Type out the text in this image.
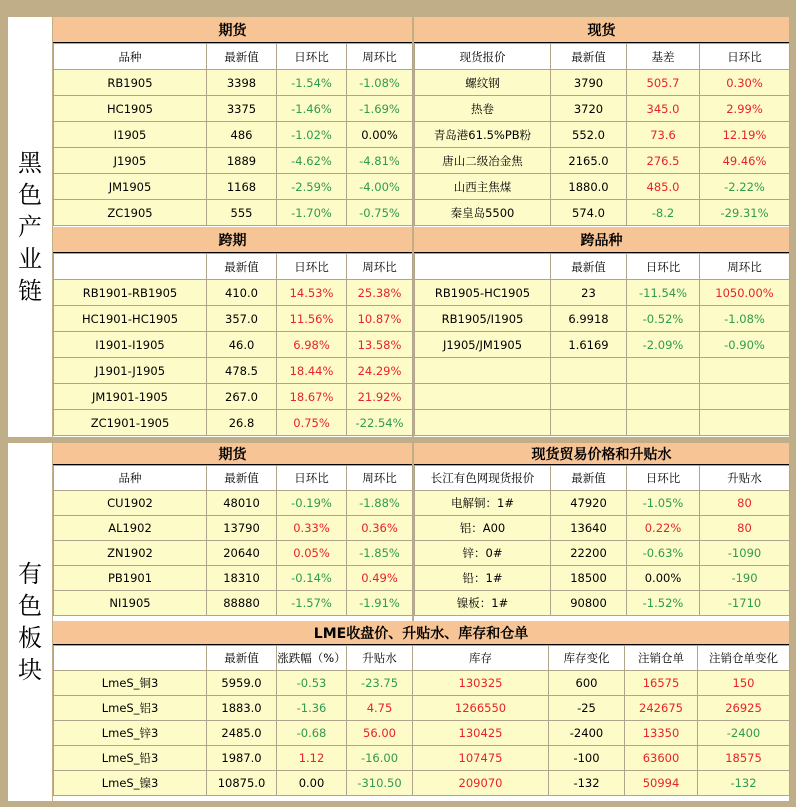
黑
色
产
业
链
期货	现货
品种	最新值	日环比	周环比
RB1905	3398	-1.54%	-1.08%
HC1905	3375	-1.46%	-1.69%
I1905	486	-1.02%	0.00%
J1905	1889	-4.62%	-4.81%
JM1905	1168	-2.59%	-4.00%
ZC1905	555	-1.70%	-0.75%
现货报价	最新值	基差	日环比
螺纹钢	3790	505.7	0.30%
热卷	3720	345.0	2.99%
青岛港61.5%PB粉	552.0	73.6	12.19%
唐山二级冶金焦	2165.0	276.5	49.46%
山西主焦煤	1880.0	485.0	-2.22%
秦皇岛5500	574.0	-8.2	-29.31%
跨期	跨品种
	最新值	日环比	周环比
RB1901-RB1905	410.0	14.53%	25.38%
HC1901-HC1905	357.0	11.56%	10.87%
I1901-I1905	46.0	6.98%	13.58%
J1901-J1905	478.5	18.44%	24.29%
JM1901-1905	267.0	18.67%	21.92%
ZC1901-1905	26.8	0.75%	-22.54%
	最新值	日环比	周环比
RB1905-HC1905	23	-11.54%	1050.00%
RB1905/I1905	6.9918	-0.52%	-1.08%
J1905/JM1905	1.6169	-2.09%	-0.90%

有
色
板
块
期货	现货贸易价格和升贴水
品种	最新值	日环比	周环比
CU1902	48010	-0.19%	-1.88%
AL1902	13790	0.33%	0.36%
ZN1902	20640	0.05%	-1.85%
PB1901	18310	-0.14%	0.49%
NI1905	88880	-1.57%	-1.91%
长江有色网现货报价	最新值	日环比	升贴水
电解铜：1#	47920	-1.05%	80
铝：A00	13640	0.22%	80
锌：0#	22200	-0.63%	-1090
铅：1#	18500	0.00%	-190
镍板：1#	90800	-1.52%	-1710
LME收盘价、升贴水、库存和仓单
	最新值	涨跌幅（%）	升贴水	库存	库存变化	注销仓单	注销仓单变化
LmeS_铜3	5959.0	-0.53	-23.75	130325	600	16575	150
LmeS_铝3	1883.0	-1.36	4.75	1266550	-25	242675	26925
LmeS_锌3	2485.0	-0.68	56.00	130425	-2400	13350	-2400
LmeS_铅3	1987.0	1.12	-16.00	107475	-100	63600	18575
LmeS_镍3	10875.0	0.00	-310.50	209070	-132	50994	-132
